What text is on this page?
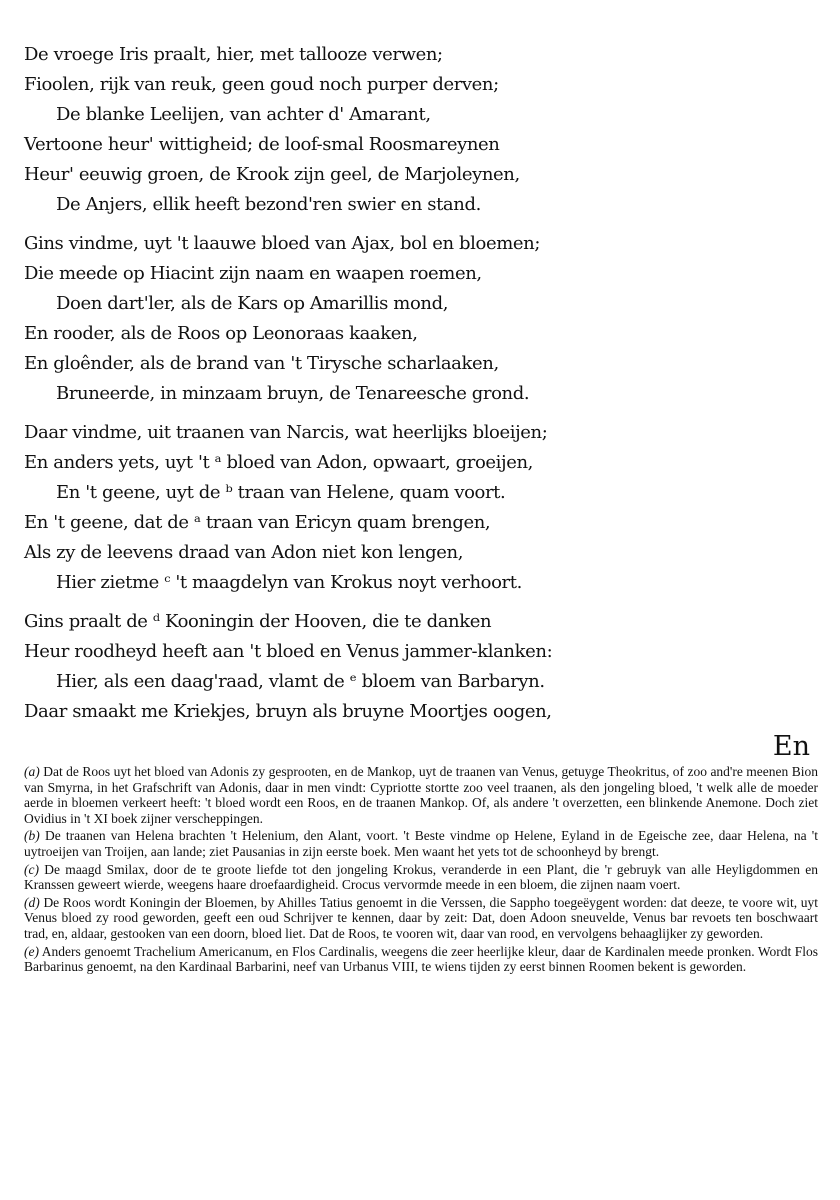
De vroege Iris praalt, hier, met tallooze verwen;
Fioolen, rijk van reuk, geen goud noch purper derven;
De blanke Leelijen, van achter d' Amarant,
Vertoone heur' wittigheid; de loof-smal Roosmareynen
Heur' eeuwig groen, de Krook zijn geel, de Marjoleynen,
De Anjers, ellik heeft bezond'ren swier en stand.
Gins vindme, uyt 't laauwe bloed van Ajax, bol en bloemen;
Die meede op Hiacint zijn naam en waapen roemen,
Doen dart'ler, als de Kars op Amarillis mond,
En rooder, als de Roos op Leonoraas kaaken,
En gloênder, als de brand van 't Tirysche scharlaaken,
Bruneerde, in minzaam bruyn, de Tenareesche grond.
Daar vindme, uit traanen van Narcis, wat heerlijks bloeijen;
En anders yets, uyt 't ᵃ bloed van Adon, opwaart, groeijen,
En 't geene, uyt de ᵇ traan van Helene, quam voort.
En 't geene, dat de ᵃ traan van Ericyn quam brengen,
Als zy de leevens draad van Adon niet kon lengen,
Hier zietme ᶜ 't maagdelyn van Krokus noyt verhoort.
Gins praalt de ᵈ Kooningin der Hooven, die te danken
Heur roodheyd heeft aan 't bloed en Venus jammer-klanken:
Hier, als een daag'raad, vlamt de ᵉ bloem van Barbaryn.
Daar smaakt me Kriekjes, bruyn als bruyne Moortjes oogen,
En
(a) Dat de Roos uyt het bloed van Adonis zy gesprooten, en de Mankop, uyt de traanen van Venus, getuyge Theokritus, of zoo and're meenen Bion van Smyrna, in het Grafschrift van Adonis, daar in men vindt: Cypriotte stortte zoo veel traanen, als den jongeling bloed, 't welk alle de moeder aerde in bloemen verkeert heeft: 't bloed wordt een Roos, en de traanen Mankop. Of, als andere 't overzetten, een blinkende Anemone. Doch ziet Ovidius in 't XI boek zijner verscheppingen.
(b) De traanen van Helena brachten 't Helenium, den Alant, voort. 't Beste vindme op Helene, Eyland in de Egeische zee, daar Helena, na 't uytroeijen van Troijen, aan lande; ziet Pausanias in zijn eerste boek. Men waant het yets tot de schoonheyd by brengt.
(c) De maagd Smilax, door de te groote liefde tot den jongeling Krokus, veranderde in een Plant, die 'r gebruyk van alle Heyligdommen en Kranssen geweert wierde, weegens haare droefaardigheid. Crocus vervormde meede in een bloem, die zijnen naam voert.
(d) De Roos wordt Koningin der Bloemen, by Ahilles Tatius genoemt in die Verssen, die Sappho toegeëygent worden: dat deeze, te voore wit, uyt Venus bloed zy rood geworden, geeft een oud Schrijver te kennen, daar by zeit: Dat, doen Adoon sneuvelde, Venus bar revoets ten boschwaart trad, en, aldaar, gestooken van een doorn, bloed liet. Dat de Roos, te vooren wit, daar van rood, en vervolgens behaaglijker zy geworden.
(e) Anders genoemt Trachelium Americanum, en Flos Cardinalis, weegens die zeer heerlijke kleur, daar de Kardinalen meede pronken. Wordt Flos Barbarinus genoemt, na den Kardinaal Barbarini, neef van Urbanus VIII, te wiens tijden zy eerst binnen Roomen bekent is geworden.
